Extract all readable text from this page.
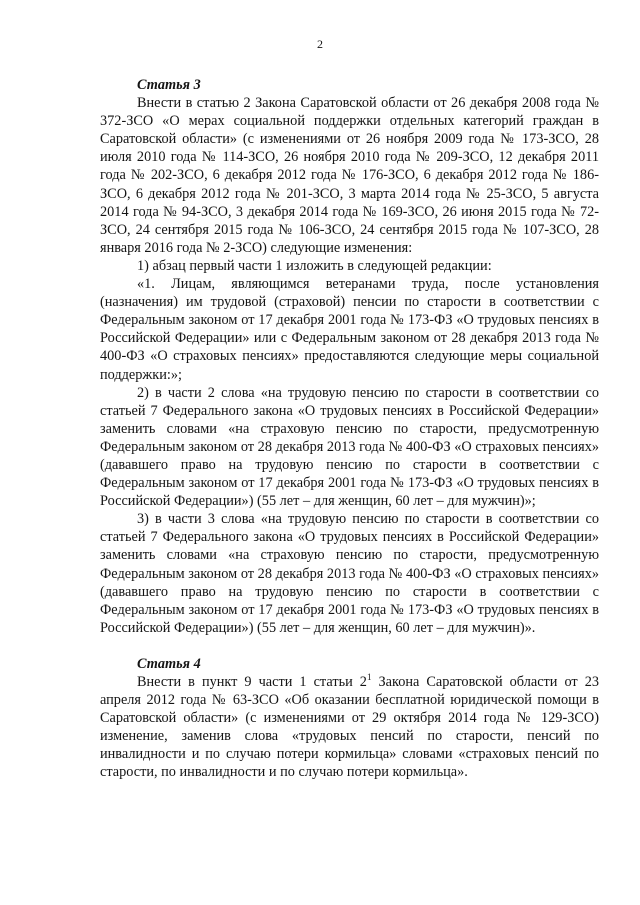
2

Статья 3

Внести в статью 2 Закона Саратовской области от 26 декабря 2008 года № 372-ЗСО «О мерах социальной поддержки отдельных категорий граждан в Саратовской области» (с изменениями от 26 ноября 2009 года № 173-ЗСО, 28 июля 2010 года № 114-ЗСО, 26 ноября 2010 года № 209-ЗСО, 12 декабря 2011 года № 202-ЗСО, 6 декабря 2012 года № 176-ЗСО, 6 декабря 2012 года № 186-ЗСО, 6 декабря 2012 года № 201-ЗСО, 3 марта 2014 года № 25-ЗСО, 5 августа 2014 года № 94-ЗСО, 3 декабря 2014 года № 169-ЗСО, 26 июня 2015 года № 72-ЗСО, 24 сентября 2015 года № 106-ЗСО, 24 сентября 2015 года № 107-ЗСО, 28 января 2016 года № 2-ЗСО) следующие изменения:

1) абзац первый части 1 изложить в следующей редакции:

«1. Лицам, являющимся ветеранами труда, после установления (назначения) им трудовой (страховой) пенсии по старости в соответствии с Федеральным законом от 17 декабря 2001 года № 173-ФЗ «О трудовых пенсиях в Российской Федерации» или с Федеральным законом от 28 декабря 2013 года № 400-ФЗ «О страховых пенсиях» предоставляются следующие меры социальной поддержки:»;

2) в части 2 слова «на трудовую пенсию по старости в соответствии со статьей 7 Федерального закона «О трудовых пенсиях в Российской Федерации» заменить словами «на страховую пенсию по старости, предусмотренную Федеральным законом от 28 декабря 2013 года № 400-ФЗ «О страховых пенсиях» (дававшего право на трудовую пенсию по старости в соответствии с Федеральным законом от 17 декабря 2001 года № 173-ФЗ «О трудовых пенсиях в Российской Федерации») (55 лет – для женщин, 60 лет – для мужчин)»;

3) в части 3 слова «на трудовую пенсию по старости в соответствии со статьей 7 Федерального закона «О трудовых пенсиях в Российской Федерации» заменить словами «на страховую пенсию по старости, предусмотренную Федеральным законом от 28 декабря 2013 года № 400-ФЗ «О страховых пенсиях» (дававшего право на трудовую пенсию по старости в соответствии с Федеральным законом от 17 декабря 2001 года № 173-ФЗ «О трудовых пенсиях в Российской Федерации») (55 лет – для женщин, 60 лет – для мужчин)».

Статья 4

Внести в пункт 9 части 1 статьи $2^1$ Закона Саратовской области от 23 апреля 2012 года № 63-ЗСО «Об оказании бесплатной юридической помощи в Саратовской области» (с изменениями от 29 октября 2014 года № 129-ЗСО) изменение, заменив слова «трудовых пенсий по старости, пенсий по инвалидности и по случаю потери кормильца» словами «страховых пенсий по старости, по инвалидности и по случаю потери кормильца».
